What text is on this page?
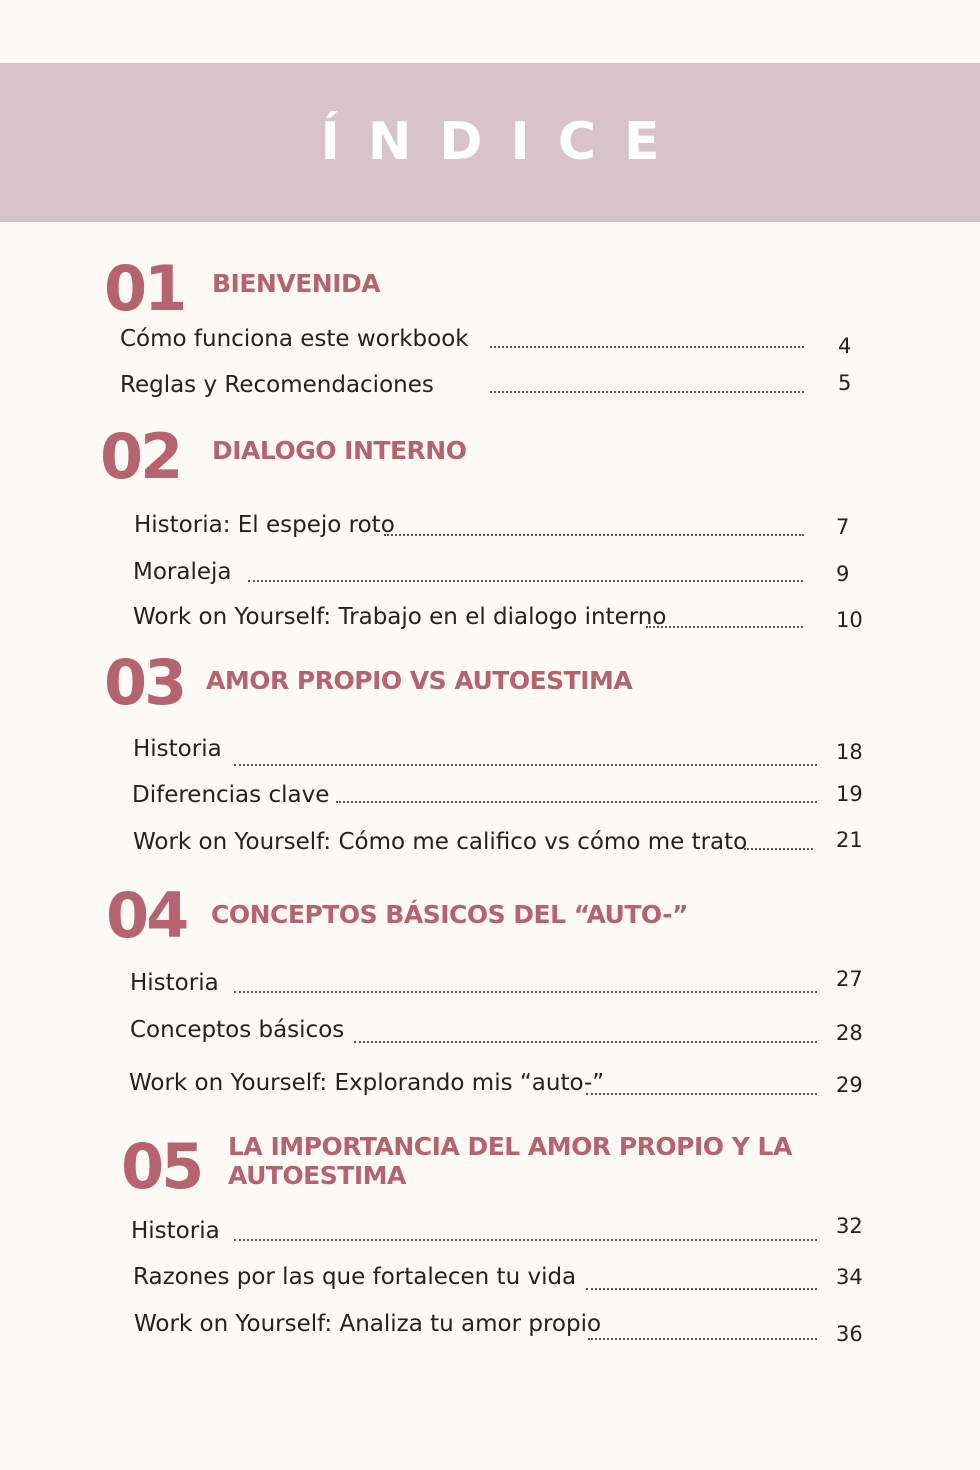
ÍNDICE
01 BIENVENIDA
Cómo funciona este workbook	4
Reglas y Recomendaciones	5
02 DIALOGO INTERNO
Historia: El espejo roto	7
Moraleja	9
Work on Yourself: Trabajo en el dialogo interno	10
03 AMOR PROPIO VS AUTOESTIMA
Historia	18
Diferencias clave	19
Work on Yourself: Cómo me califico vs cómo me trato	21
04 CONCEPTOS BÁSICOS DEL “AUTO-”
Historia	27
Conceptos básicos	28
Work on Yourself: Explorando mis “auto-”	29
05 LA IMPORTANCIA DEL AMOR PROPIO Y LA
AUTOESTIMA
Historia	32
Razones por las que fortalecen tu vida	34
Work on Yourself: Analiza tu amor propio	36
